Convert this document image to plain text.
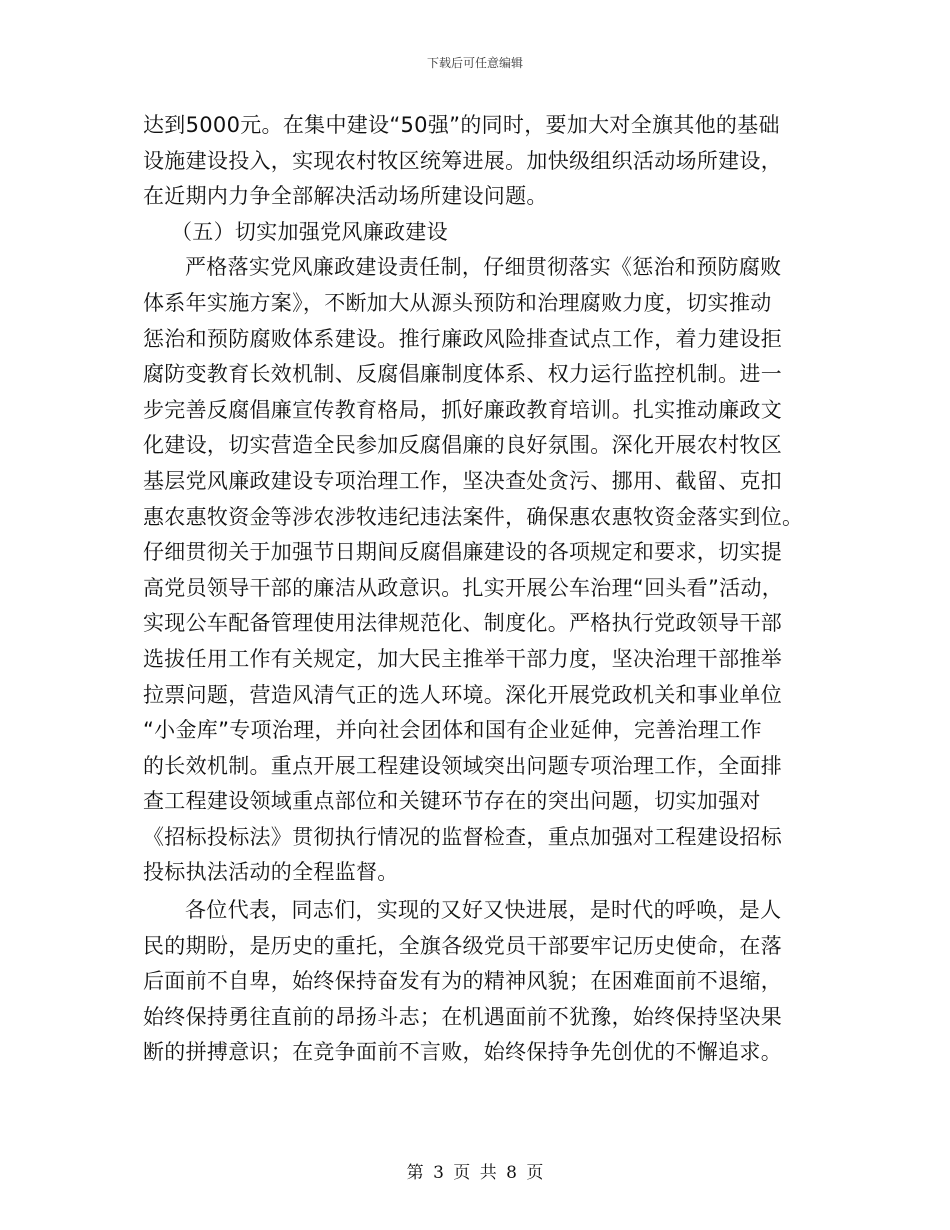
下载后可任意编辑
达到5000元。在集中建设“50强”的同时，要加大对全旗其他的基础
设施建设投入，实现农村牧区统筹进展。加快级组织活动场所建设，
在近期内力争全部解决活动场所建设问题。
（五）切实加强党风廉政建设
严格落实党风廉政建设责任制，仔细贯彻落实《惩治和预防腐败
体系年实施方案》，不断加大从源头预防和治理腐败力度，切实推动
惩治和预防腐败体系建设。推行廉政风险排查试点工作，着力建设拒
腐防变教育长效机制、反腐倡廉制度体系、权力运行监控机制。进一
步完善反腐倡廉宣传教育格局，抓好廉政教育培训。扎实推动廉政文
化建设，切实营造全民参加反腐倡廉的良好氛围。深化开展农村牧区
基层党风廉政建设专项治理工作，坚决查处贪污、挪用、截留、克扣
惠农惠牧资金等涉农涉牧违纪违法案件，确保惠农惠牧资金落实到位。
仔细贯彻关于加强节日期间反腐倡廉建设的各项规定和要求，切实提
高党员领导干部的廉洁从政意识。扎实开展公车治理“回头看”活动，
实现公车配备管理使用法律规范化、制度化。严格执行党政领导干部
选拔任用工作有关规定，加大民主推举干部力度，坚决治理干部推举
拉票问题，营造风清气正的选人环境。深化开展党政机关和事业单位
“小金库”专项治理，并向社会团体和国有企业延伸，完善治理工作
的长效机制。重点开展工程建设领域突出问题专项治理工作，全面排
查工程建设领域重点部位和关键环节存在的突出问题，切实加强对
《招标投标法》贯彻执行情况的监督检查，重点加强对工程建设招标
投标执法活动的全程监督。
各位代表，同志们，实现的又好又快进展，是时代的呼唤，是人
民的期盼，是历史的重托，全旗各级党员干部要牢记历史使命，在落
后面前不自卑，始终保持奋发有为的精神风貌；在困难面前不退缩，
始终保持勇往直前的昂扬斗志；在机遇面前不犹豫，始终保持坚决果
断的拼搏意识；在竞争面前不言败，始终保持争先创优的不懈追求。
第 3 页 共 8 页
